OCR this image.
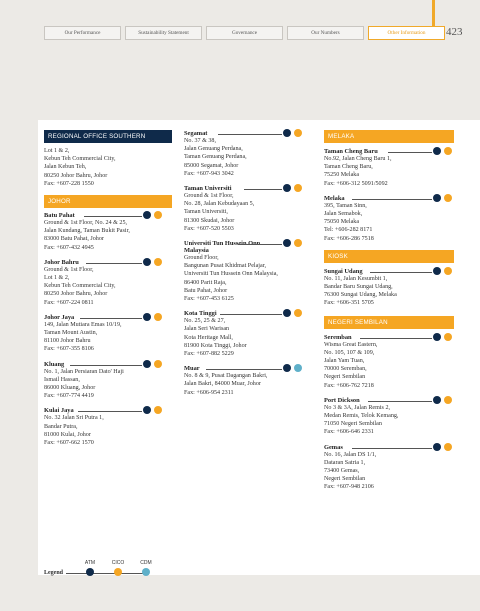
Our Performance	Sustainability Statement	Governance	Our Numbers	Other Information	423
REGIONAL OFFICE SOUTHERN
Lot 1 & 2,
Kebun Teh Commercial City,
Jalan Kebun Teh,
80250 Johor Bahru, Johor
Fax: +607-228 1550
JOHOR
Batu Pahat
Ground & 1st Floor, No. 24 & 25,
Jalan Kundang, Taman Bukit Pasir,
83000 Batu Pahat, Johor
Fax: +607-432 4945
Johor Bahru
Ground & 1st Floor,
Lot 1 & 2,
Kebun Teh Commercial City,
80250 Johor Bahru, Johor
Fax: +607-224 0811
Johor Jaya
149, Jalan Mutiara Emas 10/19,
Taman Mount Austin,
81100 Johor Bahru
Fax: +607-355 8106
Kluang
No. 1, Jalan Persiaran Dato' Haji
Ismail Hassan,
86000 Kluang, Johor
Fax: +607-774 4419
Kulai Jaya
No. 32 Jalan Sri Putra 1,
Bandar Putra,
81000 Kulai, Johor
Fax: +607-662 1570
Segamat
No. 37 & 38,
Jalan Genuang Perdana,
Taman Genuang Perdana,
85000 Segamat, Johor
Fax: +607-943 3042
Taman Universiti
Ground & 1st Floor,
No. 28, Jalan Kebudayaan 5,
Taman Universiti,
81300 Skudai, Johor
Fax: +607-520 5503
Universiti Tun Hussein Onn Malaysia
Ground Floor,
Bangunan Pusat Khidmat Pelajar,
Universiti Tun Hussein Onn Malaysia,
86400 Parit Raja,
Batu Pahat, Johor
Fax: +607-453 6125
Kota Tinggi
No. 25, 25 & 27,
Jalan Seri Warisan
Kota Heritage Mall,
81900 Kota Tinggi, Johor
Fax: +607-882 5229
Muar
No. 8 & 9, Pusat Dagangan Bakri,
Jalan Bakri, 84000 Muar, Johor
Fax: +606-954 2311
MELAKA
Taman Cheng Baru
No.92, Jalan Cheng Baru 1,
Taman Cheng Baru,
75250 Melaka
Fax: +606-312 5091/5092
Melaka
395, Taman Sinn,
Jalan Semabok,
75050 Melaka
Tel: +606-282 8171
Fax: +606-286 7518
KIOSK
Sungai Udang
No. 11, Jalan Kesumbit 1,
Bandar Baru Sungai Udang,
76300 Sungai Udang, Melaka
Fax: +606-351 5705
NEGERI SEMBILAN
Seremban
Wisma Great Eastern,
No. 105, 107 & 109,
Jalan Yam Tuan,
70000 Seremban,
Negeri Sembilan
Fax: +606-762 7218
Port Dickson
No 3 & 3A, Jalan Remis 2,
Medan Remis, Telok Kemang,
71050 Negeri Sembilan
Fax: +606-646 2331
Gemas
No. 16, Jalan DS 1/1,
Dataran Satria 1,
73400 Gemas,
Negeri Sembilan
Fax: +607-948 2106
Legend
ATM	CICO	CDM
